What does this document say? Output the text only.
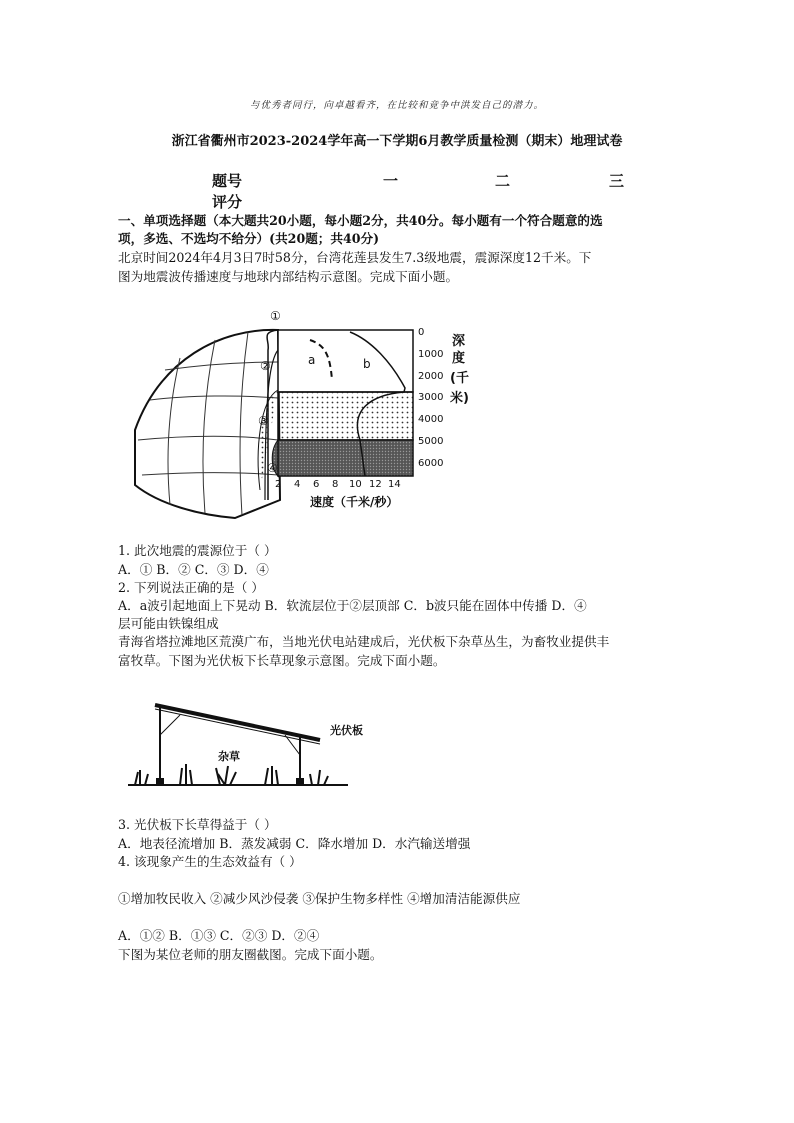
与优秀者同行，向卓越看齐，在比较和竞争中洪发自己的潜力。
浙江省衢州市2023-2024学年高一下学期6月教学质量检测（期末）地理试卷
题号	一	二	三
评分
一、单项选择题（本大题共20小题，每小题2分，共40分。每小题有一个符合题意的选
项，多选、不选均不给分）(共20题；共40分)
北京时间2024年4月3日7时58分，台湾花莲县发生7.3级地震，震源深度12千米。下
图为地震波传播速度与地球内部结构示意图。完成下面小题。
①
②
③
④
a	b
0
1000
2000
3000
4000
5000
6000
深
度
(千
米)
2 4 6 8 10 12 14
速度（千米/秒）
1. 此次地震的震源位于（ ）
A．① B．② C．③ D．④
2. 下列说法正确的是（ ）
A．a波引起地面上下晃动 B．软流层位于②层顶部 C．b波只能在固体中传播 D．④
层可能由铁镍组成
青海省塔拉滩地区荒漠广布，当地光伏电站建成后，光伏板下杂草丛生，为畜牧业提供丰
富牧草。下图为光伏板下长草现象示意图。完成下面小题。
光伏板
杂草
3. 光伏板下长草得益于（ ）
A．地表径流增加 B．蒸发减弱 C．降水增加 D．水汽输送增强
4. 该现象产生的生态效益有（ ）
①增加牧民收入 ②减少风沙侵袭 ③保护生物多样性 ④增加清洁能源供应
A．①② B．①③ C．②③ D．②④
下图为某位老师的朋友圈截图。完成下面小题。
